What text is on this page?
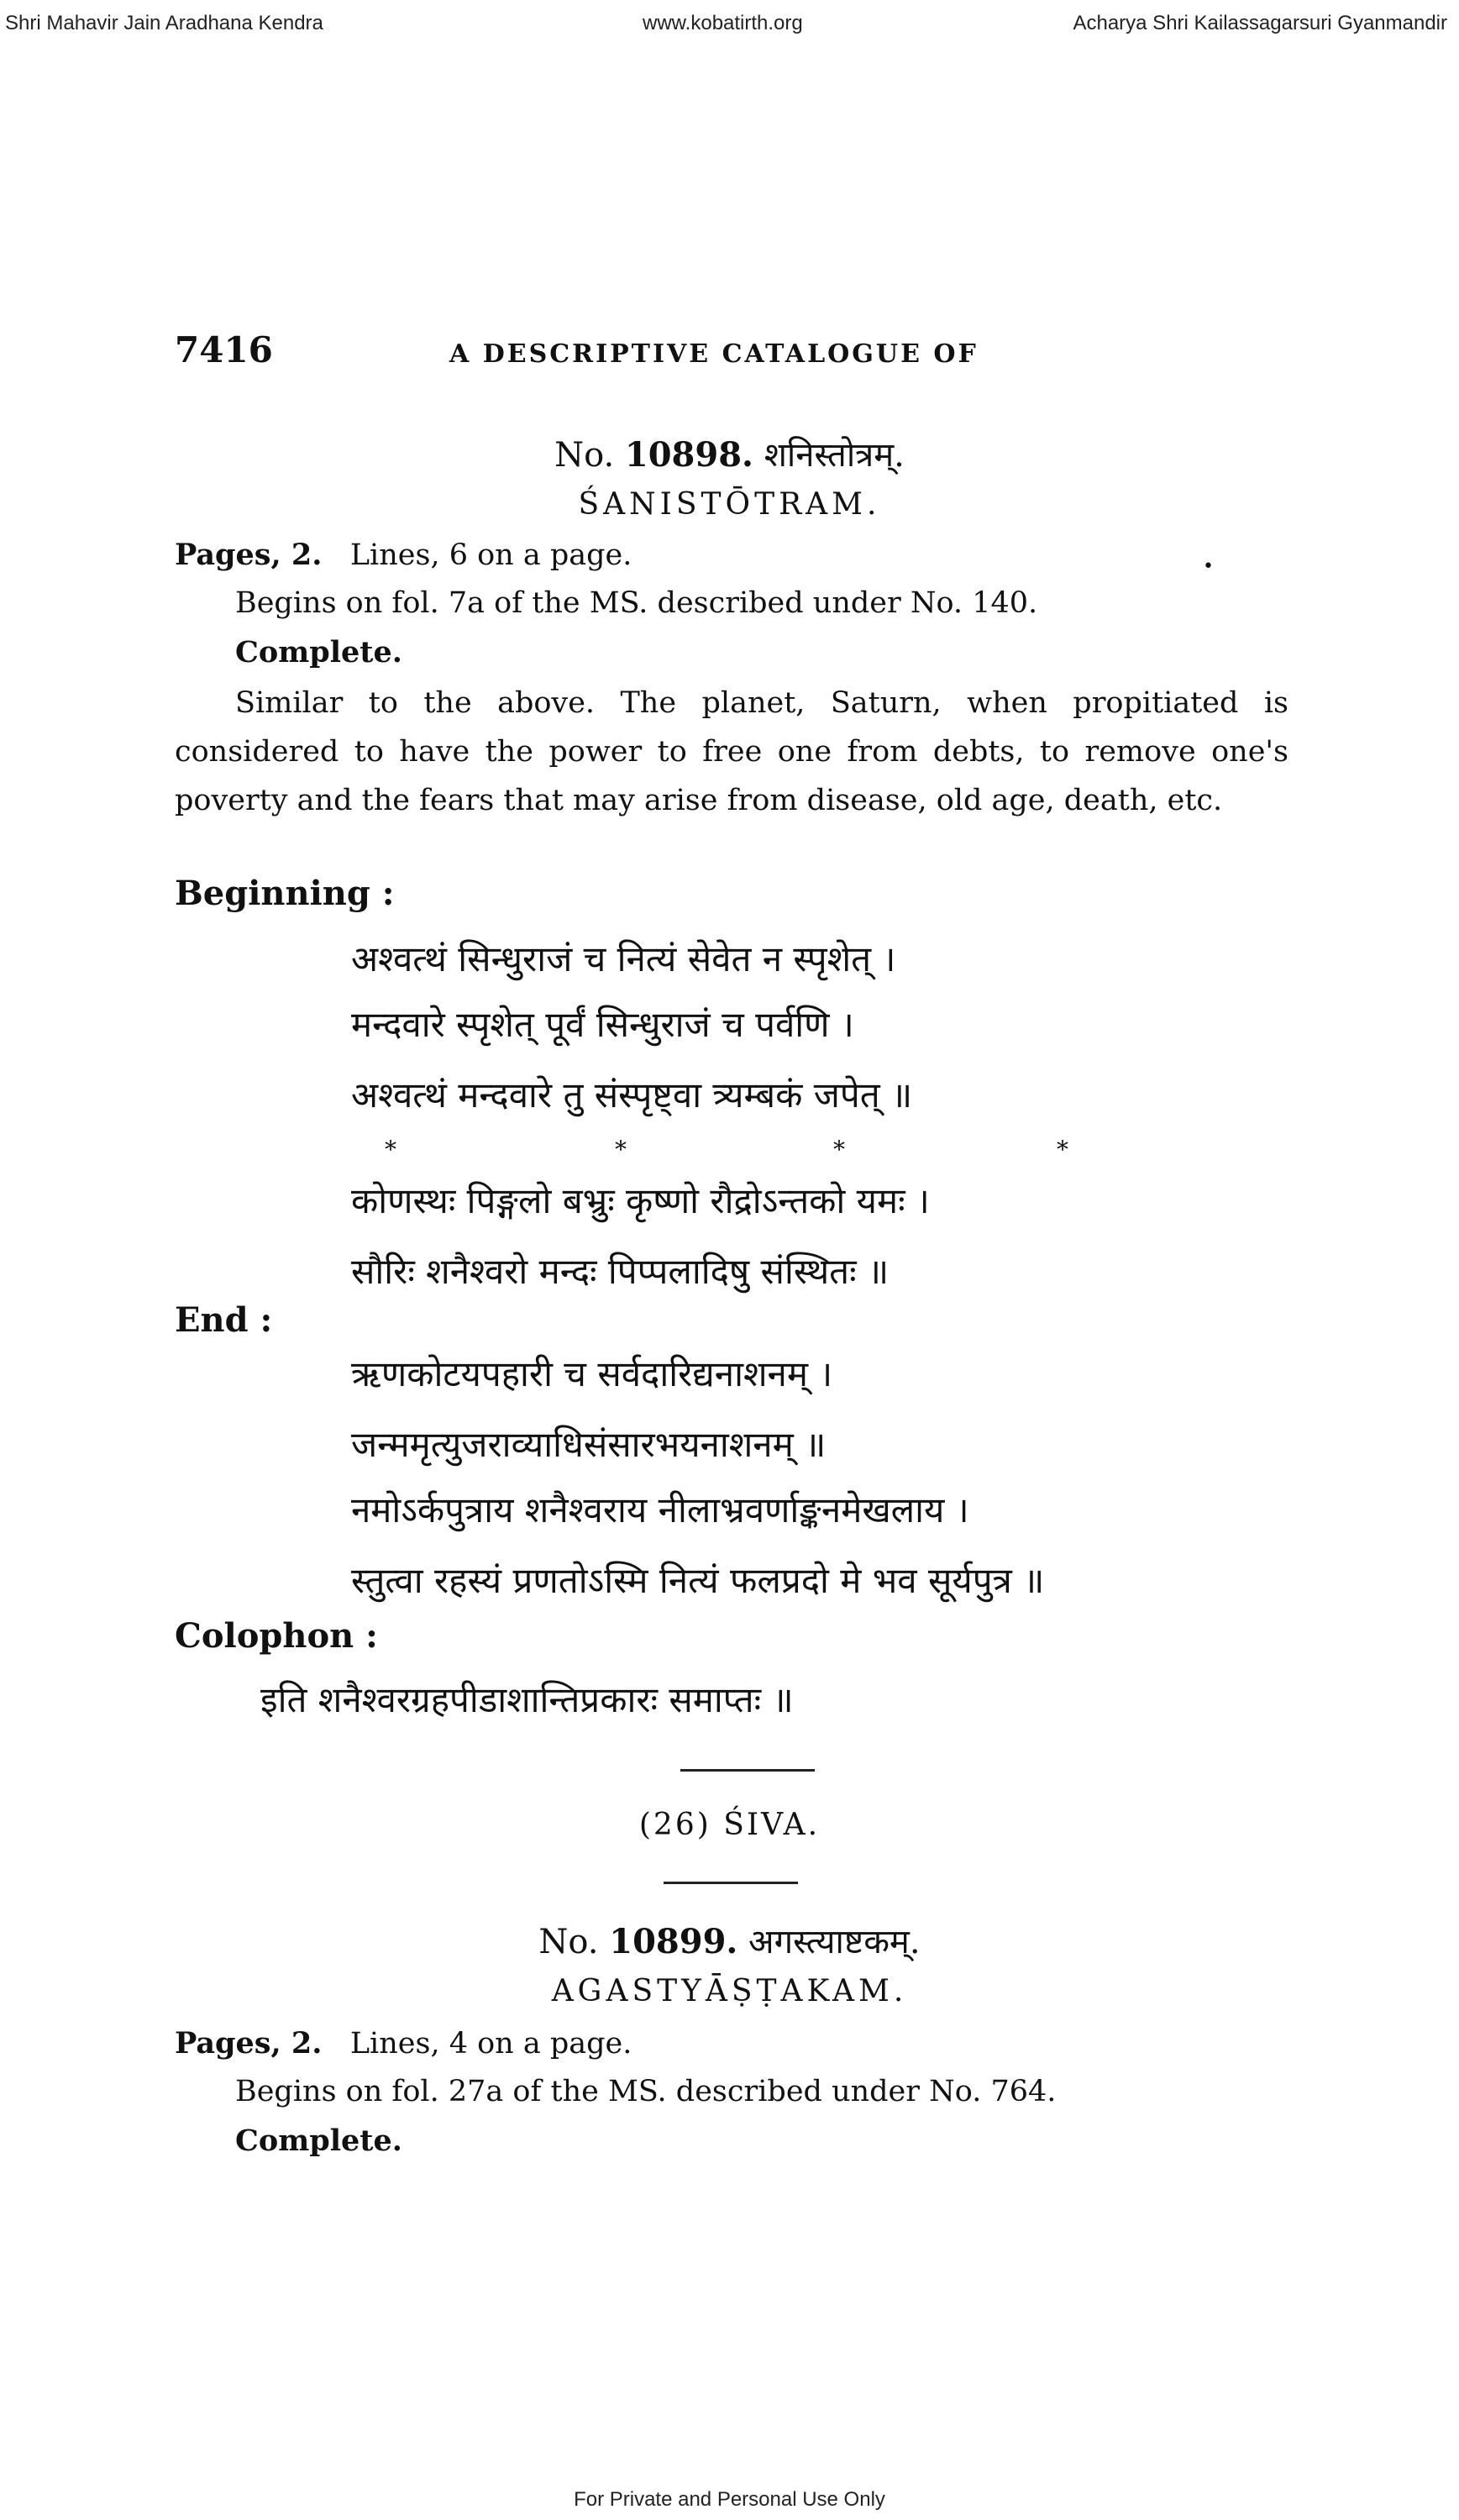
Shri Mahavir Jain Aradhana Kendra	www.kobatirth.org	Acharya Shri Kailassagarsuri Gyanmandir
7416	A DESCRIPTIVE CATALOGUE OF
No. 10898. शनिस्तोत्रम्.
ŚANISTŌTRAM.
Pages, 2. Lines, 6 on a page.	•
Begins on fol. 7a of the MS. described under No. 140.
Complete.
Similar to the above. The planet, Saturn, when propitiated is considered to have the power to free one from debts, to remove one's poverty and the fears that may arise from disease, old age, death, etc.
Beginning :
अश्वत्थं सिन्धुराजं च नित्यं सेवेत न स्पृशेत् ।
मन्दवारे स्पृशेत् पूर्वं सिन्धुराजं च पर्वणि ।
अश्वत्थं मन्दवारे तु संस्पृष्ट्वा त्र्यम्बकं जपेत् ॥
*	*	*	*
कोणस्थः पिङ्गलो बभ्रुः कृष्णो रौद्रोऽन्तको यमः ।
सौरिः शनैश्वरो मन्दः पिप्पलादिषु संस्थितः ॥
End :
ऋणकोटयपहारी च सर्वदारिद्यनाशनम् ।
जन्ममृत्युजराव्याधिसंसारभयनाशनम् ॥
नमोऽर्कपुत्राय शनैश्वराय नीलाभ्रवर्णाङ्कनमेखलाय ।
स्तुत्वा रहस्यं प्रणतोऽस्मि नित्यं फलप्रदो मे भव सूर्यपुत्र ॥
Colophon :
इति शनैश्वरग्रहपीडाशान्तिप्रकारः समाप्तः ॥
(26) ŚIVA.
No. 10899. अगस्त्याष्टकम्.
AGASTYĀṢṬAKAM.
Pages, 2. Lines, 4 on a page.
Begins on fol. 27a of the MS. described under No. 764.
Complete.
For Private and Personal Use Only
